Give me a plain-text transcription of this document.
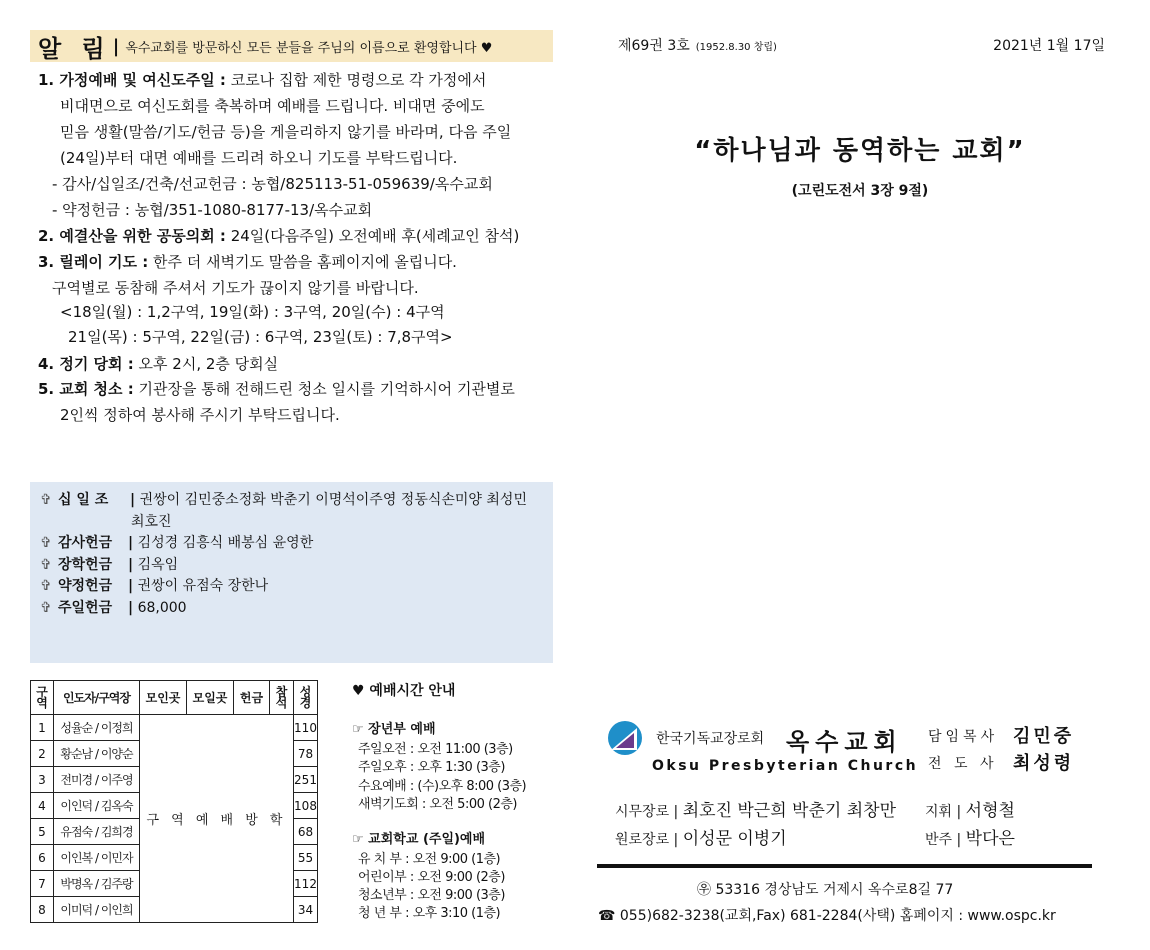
알 림 | 옥수교회를 방문하신 모든 분들을 주님의 이름으로 환영합니다 ♥
1. 가정예배 및 여신도주일 : 코로나 집합 제한 명령으로 각 가정에서
비대면으로 여신도회를 축복하며 예배를 드립니다. 비대면 중에도
믿음 생활(말씀/기도/헌금 등)을 게을리하지 않기를 바라며, 다음 주일
(24일)부터 대면 예배를 드리려 하오니 기도를 부탁드립니다.
- 감사/십일조/건축/선교헌금 : 농협/825113-51-059639/옥수교회
- 약정헌금 : 농협/351-1080-8177-13/옥수교회
2. 예결산을 위한 공동의회 : 24일(다음주일) 오전예배 후(세례교인 참석)
3. 릴레이 기도 : 한주 더 새벽기도 말씀을 홈페이지에 올립니다.
구역별로 동참해 주셔서 기도가 끊이지 않기를 바랍니다.
<18일(월) : 1,2구역, 19일(화) : 3구역, 20일(수) : 4구역
21일(목) : 5구역, 22일(금) : 6구역, 23일(토) : 7,8구역>
4. 정기 당회 : 오후 2시, 2층 당회실
5. 교회 청소 : 기관장을 통해 전해드린 청소 일시를 기억하시어 기관별로
2인씩 정하여 봉사해 주시기 부탁드립니다.
✞ 십 일 조 | 권쌍이 김민중소정화 박춘기 이명석이주영 정동식손미양 최성민
최호진
✞ 감사헌금 | 김성경 김흥식 배봉심 윤영한
✞ 장학헌금 | 김옥임
✞ 약정헌금 | 권쌍이 유점숙 장한나
✞ 주일헌금 | 68,000
구역	인도자/구역장	모인곳	모일곳	헌금	참석	성경
1	성율순 / 이정희	구 역 예 배 방 학				110
2	황순남 / 이양순					78
3	전미경 / 이주영					251
4	이인덕 / 김옥숙					108
5	유점숙 / 김희경					68
6	이인복 / 이민자					55
7	박명옥 / 김주랑					112
8	이미덕 / 이인희					34
♥ 예배시간 안내
☞ 장년부 예배
주일오전 : 오전 11:00 (3층)
주일오후 : 오후 1:30 (3층)
수요예배 : (수)오후 8:00 (3층)
새벽기도회 : 오전 5:00 (2층)
☞ 교회학교 (주일)예배
유 치 부 : 오전 9:00 (1층)
어린이부 : 오전 9:00 (2층)
청소년부 : 오전 9:00 (3층)
청 년 부 : 오후 3:10 (1층)
제69권 3호 (1952.8.30 창립)	2021년 1월 17일
“하나님과 동역하는 교회”
(고린도전서 3장 9절)
한국기독교장로회 옥수교회
Oksu Presbyterian Church
담임목사 김민중
전 도 사 최성령
시무장로 | 최호진 박근희 박춘기 최창만 지휘 | 서형철
원로장로 | 이성문 이병기	반주 | 박다은
㉾ 53316 경상남도 거제시 옥수로8길 77
☎ 055)682-3238(교회,Fax) 681-2284(사택) 홈페이지 : www.ospc.kr
